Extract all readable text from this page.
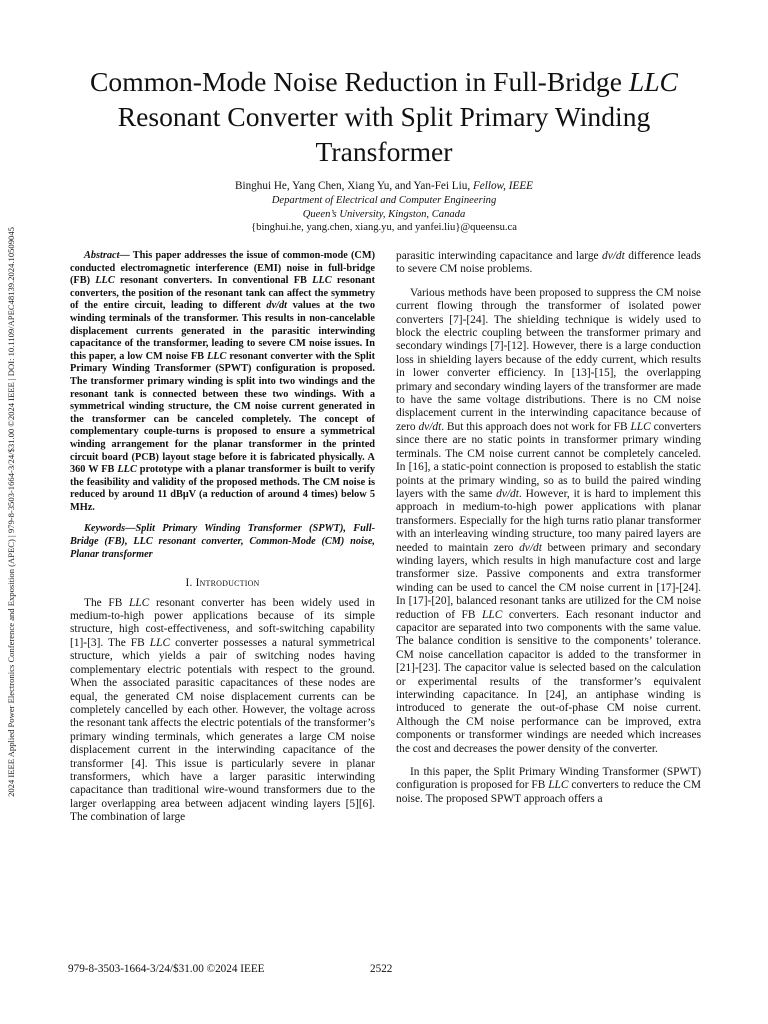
2024 IEEE Applied Power Electronics Conference and Exposition (APEC) | 979-8-3503-1664-3/24/$31.00 ©2024 IEEE | DOI: 10.1109/APEC48139.2024.10509045
Common-Mode Noise Reduction in Full-Bridge LLC
Resonant Converter with Split Primary Winding Transformer
Binghui He, Yang Chen, Xiang Yu, and Yan-Fei Liu, Fellow, IEEE
Department of Electrical and Computer Engineering
Queen’s University, Kingston, Canada
{binghui.he, yang.chen, xiang.yu, and yanfei.liu}@queensu.ca

Abstract— This paper addresses the issue of common-mode (CM) conducted electromagnetic interference (EMI) noise in full-bridge (FB) LLC resonant converters. In conventional FB LLC resonant converters, the position of the resonant tank can affect the symmetry of the entire circuit, leading to different dv/dt values at the two winding terminals of the transformer. This results in non-cancelable displacement currents generated in the parasitic interwinding capacitance of the transformer, leading to severe CM noise issues. In this paper, a low CM noise FB LLC resonant converter with the Split Primary Winding Transformer (SPWT) configuration is proposed. The transformer primary winding is split into two windings and the resonant tank is connected between these two windings. With a symmetrical winding structure, the CM noise current generated in the transformer can be canceled completely. The concept of complementary couple-turns is proposed to ensure a symmetrical winding arrangement for the planar transformer in the printed circuit board (PCB) layout stage before it is fabricated physically. A 360 W FB LLC prototype with a planar transformer is built to verify the feasibility and validity of the proposed methods. The CM noise is reduced by around 11 dBμV (a reduction of around 4 times) below 5 MHz.

Keywords—Split Primary Winding Transformer (SPWT), Full-Bridge (FB), LLC resonant converter, Common-Mode (CM) noise, Planar transformer

I. Introduction

The FB LLC resonant converter has been widely used in medium-to-high power applications because of its simple structure, high cost-effectiveness, and soft-switching capability [1]-[3]. The FB LLC converter possesses a natural symmetrical structure, which yields a pair of switching nodes having complementary electric potentials with respect to the ground. When the associated parasitic capacitances of these nodes are equal, the generated CM noise displacement currents can be completely cancelled by each other. However, the voltage across the resonant tank affects the electric potentials of the transformer’s primary winding terminals, which generates a large CM noise displacement current in the interwinding capacitance of the transformer [4]. This issue is particularly severe in planar transformers, which have a larger parasitic interwinding capacitance than traditional wire-wound transformers due to the larger overlapping area between adjacent winding layers [5][6]. The combination of large

parasitic interwinding capacitance and large dv/dt difference leads to severe CM noise problems.

Various methods have been proposed to suppress the CM noise current flowing through the transformer of isolated power converters [7]-[24]. The shielding technique is widely used to block the electric coupling between the transformer primary and secondary windings [7]-[12]. However, there is a large conduction loss in shielding layers because of the eddy current, which results in lower converter efficiency. In [13]-[15], the overlapping primary and secondary winding layers of the transformer are made to have the same voltage distributions. There is no CM noise displacement current in the interwinding capacitance because of zero dv/dt. But this approach does not work for FB LLC converters since there are no static points in transformer primary winding terminals. The CM noise current cannot be completely canceled. In [16], a static-point connection is proposed to establish the static points at the primary winding, so as to build the paired winding layers with the same dv/dt. However, it is hard to implement this approach in medium-to-high power applications with planar transformers. Especially for the high turns ratio planar transformer with an interleaving winding structure, too many paired layers are needed to maintain zero dv/dt between primary and secondary winding layers, which results in high manufacture cost and large transformer size. Passive components and extra transformer winding can be used to cancel the CM noise current in [17]-[24]. In [17]-[20], balanced resonant tanks are utilized for the CM noise reduction of FB LLC converters. Each resonant inductor and capacitor are separated into two components with the same value. The balance condition is sensitive to the components’ tolerance. CM noise cancellation capacitor is added to the transformer in [21]-[23]. The capacitor value is selected based on the calculation or experimental results of the transformer’s equivalent interwinding capacitance. In [24], an antiphase winding is introduced to generate the out-of-phase CM noise current. Although the CM noise performance can be improved, extra components or transformer windings are needed which increases the cost and decreases the power density of the converter.

In this paper, the Split Primary Winding Transformer (SPWT) configuration is proposed for FB LLC converters to reduce the CM noise. The proposed SPWT approach offers a

979-8-3503-1664-3/24/$31.00 ©2024 IEEE	2522
